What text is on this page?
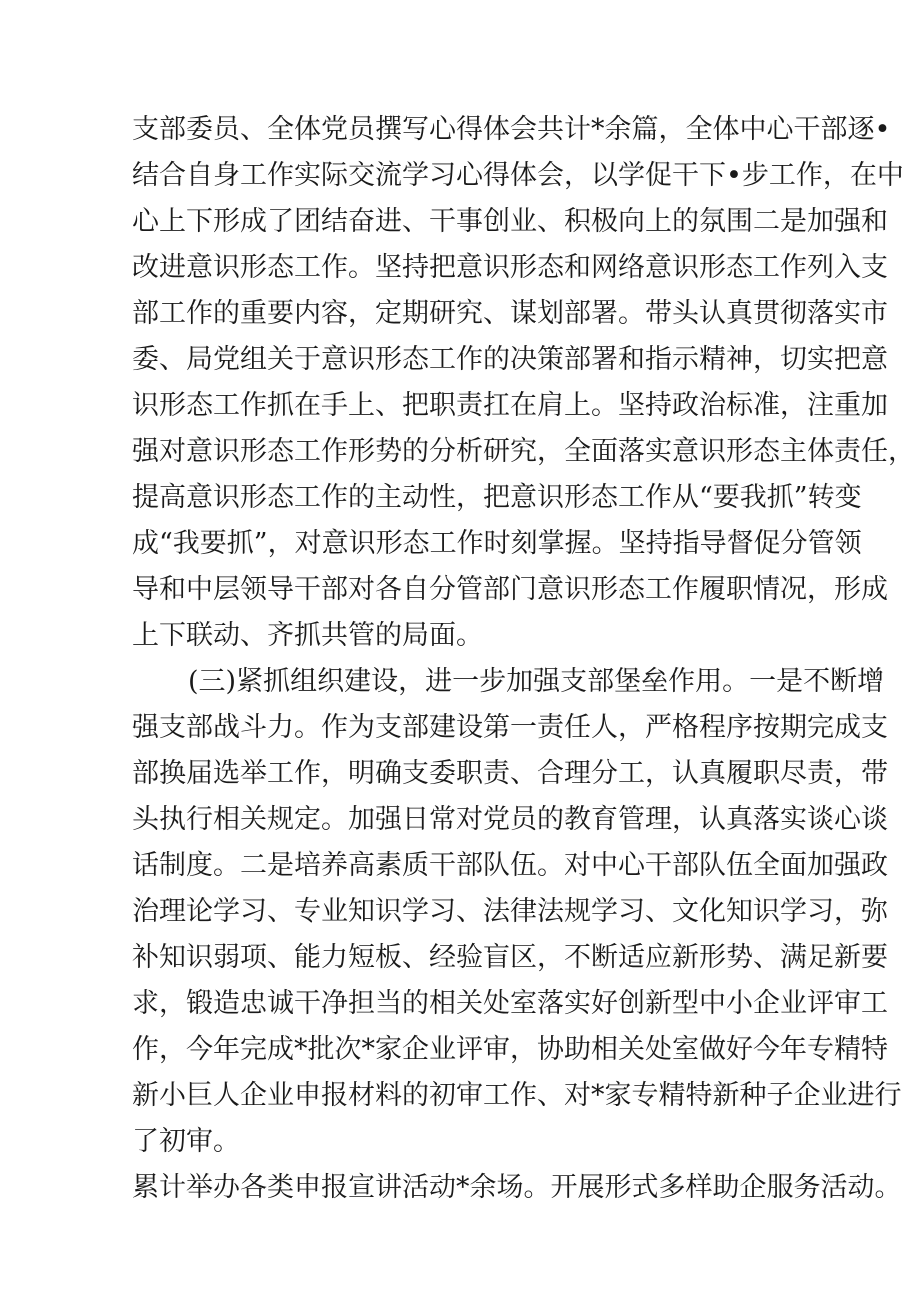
支部委员、全体党员撰写心得体会共计*余篇，全体中心干部逐•
结合自身工作实际交流学习心得体会，以学促干下•步工作，在中
心上下形成了团结奋进、干事创业、积极向上的氛围二是加强和
改进意识形态工作。坚持把意识形态和网络意识形态工作列入支
部工作的重要内容，定期研究、谋划部署。带头认真贯彻落实市
委、局党组关于意识形态工作的决策部署和指示精神，切实把意
识形态工作抓在手上、把职责扛在肩上。坚持政治标准，注重加
强对意识形态工作形势的分析研究，全面落实意识形态主体责任，
提高意识形态工作的主动性，把意识形态工作从“要我抓”转变
成“我要抓”，对意识形态工作时刻掌握。坚持指导督促分管领
导和中层领导干部对各自分管部门意识形态工作履职情况，形成
上下联动、齐抓共管的局面。
(三)紧抓组织建设，进一步加强支部堡垒作用。一是不断增
强支部战斗力。作为支部建设第一责任人，严格程序按期完成支
部换届选举工作，明确支委职责、合理分工，认真履职尽责，带
头执行相关规定。加强日常对党员的教育管理，认真落实谈心谈
话制度。二是培养高素质干部队伍。对中心干部队伍全面加强政
治理论学习、专业知识学习、法律法规学习、文化知识学习，弥
补知识弱项、能力短板、经验盲区，不断适应新形势、满足新要
求，锻造忠诚干净担当的相关处室落实好创新型中小企业评审工
作，今年完成*批次*家企业评审，协助相关处室做好今年专精特
新小巨人企业申报材料的初审工作、对*家专精特新种子企业进行
了初审。
累计举办各类申报宣讲活动*余场。开展形式多样助企服务活动。
